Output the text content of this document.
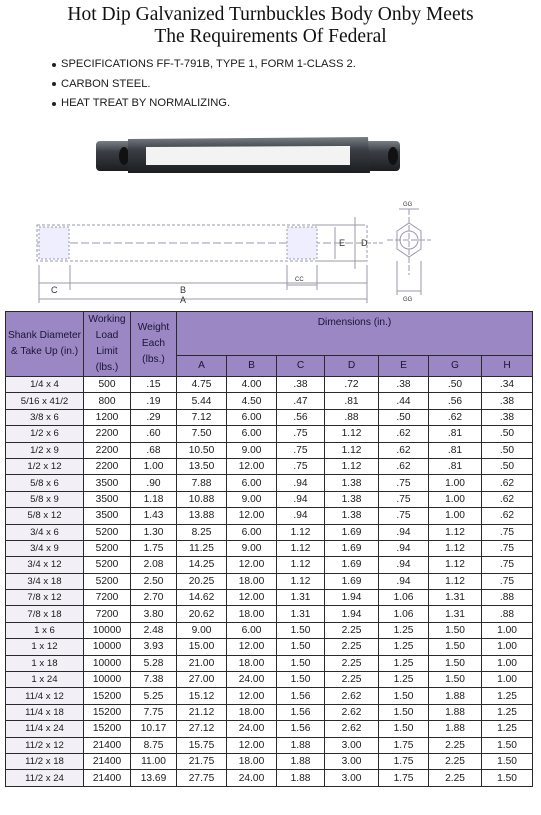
Hot Dip Galvanized Turnbuckles Body Onby Meets
The Requirements Of Federal
SPECIFICATIONS FF-T-791B, TYPE 1, FORM 1-CLASS 2.
CARBON STEEL.
HEAT TREAT BY NORMALIZING.
C	B
A
E D
CC
GG
GG
Shank Diameter & Take Up (in.)	Working Load Limit (lbs.)	Weight Each (lbs.)	Dimensions (in.)						
			A	B	C	D	E	G	H
1/4 x 4	500	.15	4.75	4.00	.38	.72	.38	.50	.34
5/16 x 41/2	800	.19	5.44	4.50	.47	.81	.44	.56	.38
3/8 x 6	1200	.29	7.12	6.00	.56	.88	.50	.62	.38
1/2 x 6	2200	.60	7.50	6.00	.75	1.12	.62	.81	.50
1/2 x 9	2200	.68	10.50	9.00	.75	1.12	.62	.81	.50
1/2 x 12	2200	1.00	13.50	12.00	.75	1.12	.62	.81	.50
5/8 x 6	3500	.90	7.88	6.00	.94	1.38	.75	1.00	.62
5/8 x 9	3500	1.18	10.88	9.00	.94	1.38	.75	1.00	.62
5/8 x 12	3500	1.43	13.88	12.00	.94	1.38	.75	1.00	.62
3/4 x 6	5200	1.30	8.25	6.00	1.12	1.69	.94	1.12	.75
3/4 x 9	5200	1.75	11.25	9.00	1.12	1.69	.94	1.12	.75
3/4 x 12	5200	2.08	14.25	12.00	1.12	1.69	.94	1.12	.75
3/4 x 18	5200	2.50	20.25	18.00	1.12	1.69	.94	1.12	.75
7/8 x 12	7200	2.70	14.62	12.00	1.31	1.94	1.06	1.31	.88
7/8 x 18	7200	3.80	20.62	18.00	1.31	1.94	1.06	1.31	.88
1 x 6	10000	2.48	9.00	6.00	1.50	2.25	1.25	1.50	1.00
1 x 12	10000	3.93	15.00	12.00	1.50	2.25	1.25	1.50	1.00
1 x 18	10000	5.28	21.00	18.00	1.50	2.25	1.25	1.50	1.00
1 x 24	10000	7.38	27.00	24.00	1.50	2.25	1.25	1.50	1.00
11/4 x 12	15200	5.25	15.12	12.00	1.56	2.62	1.50	1.88	1.25
11/4 x 18	15200	7.75	21.12	18.00	1.56	2.62	1.50	1.88	1.25
11/4 x 24	15200	10.17	27.12	24.00	1.56	2.62	1.50	1.88	1.25
11/2 x 12	21400	8.75	15.75	12.00	1.88	3.00	1.75	2.25	1.50
11/2 x 18	21400	11.00	21.75	18.00	1.88	3.00	1.75	2.25	1.50
11/2 x 24	21400	13.69	27.75	24.00	1.88	3.00	1.75	2.25	1.50
